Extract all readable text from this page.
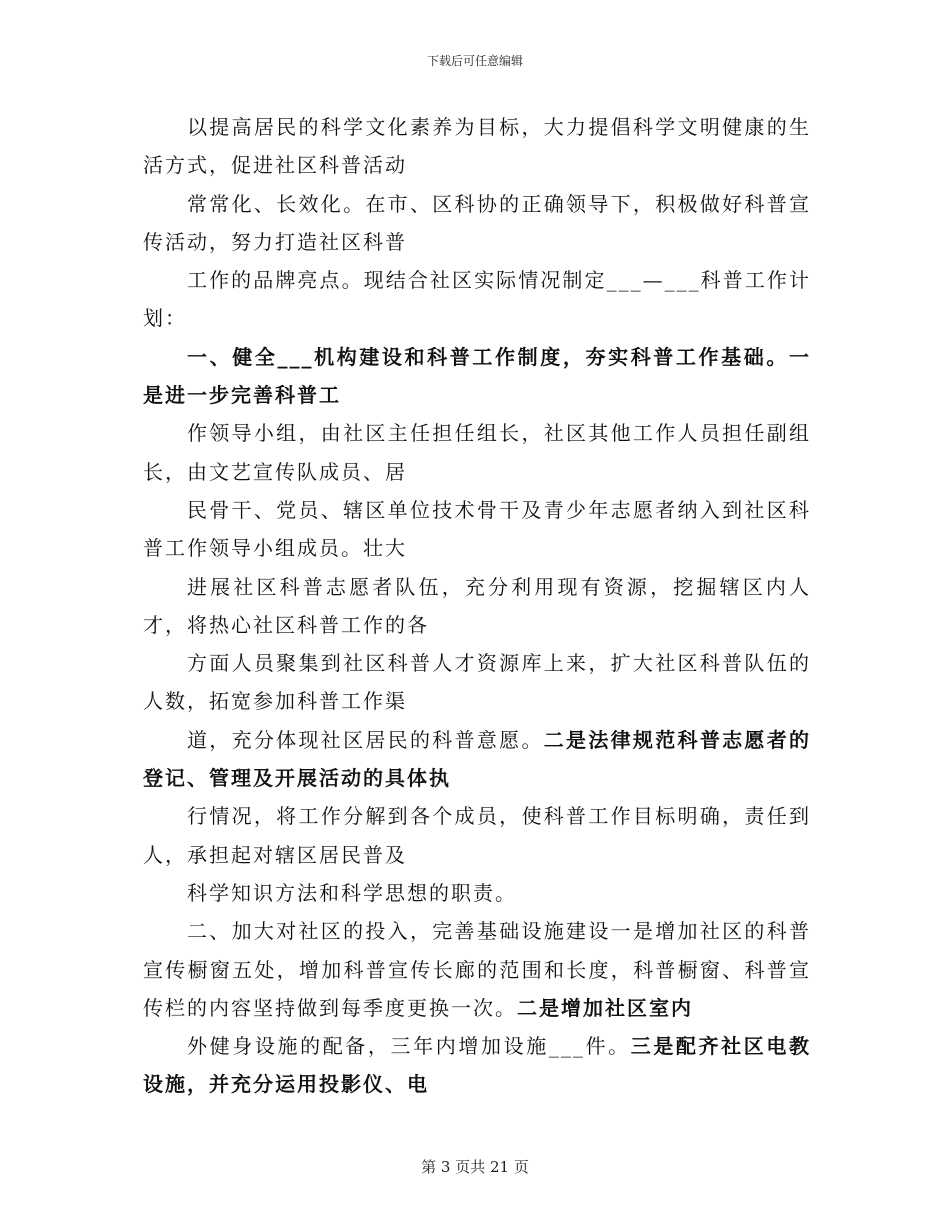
下载后可任意编辑
以提高居民的科学文化素养为目标，大力提倡科学文明健康的生活方式，促进社区科普活动
常常化、长效化。在市、区科协的正确领导下，积极做好科普宣传活动，努力打造社区科普
工作的品牌亮点。现结合社区实际情况制定___—___科普工作计划：
一、健全___机构建设和科普工作制度，夯实科普工作基础。一是进一步完善科普工
作领导小组，由社区主任担任组长，社区其他工作人员担任副组长，由文艺宣传队成员、居
民骨干、党员、辖区单位技术骨干及青少年志愿者纳入到社区科普工作领导小组成员。壮大
进展社区科普志愿者队伍，充分利用现有资源，挖掘辖区内人才，将热心社区科普工作的各
方面人员聚集到社区科普人才资源库上来，扩大社区科普队伍的人数，拓宽参加科普工作渠
道，充分体现社区居民的科普意愿。二是法律规范科普志愿者的登记、管理及开展活动的具体执
行情况，将工作分解到各个成员，使科普工作目标明确，责任到人，承担起对辖区居民普及
科学知识方法和科学思想的职责。
二、加大对社区的投入，完善基础设施建设一是增加社区的科普宣传橱窗五处，增加科普宣传长廊的范围和长度，科普橱窗、科普宣传栏的内容坚持做到每季度更换一次。二是增加社区室内
外健身设施的配备，三年内增加设施___件。三是配齐社区电教设施，并充分运用投影仪、电
第 3 页共 21 页
